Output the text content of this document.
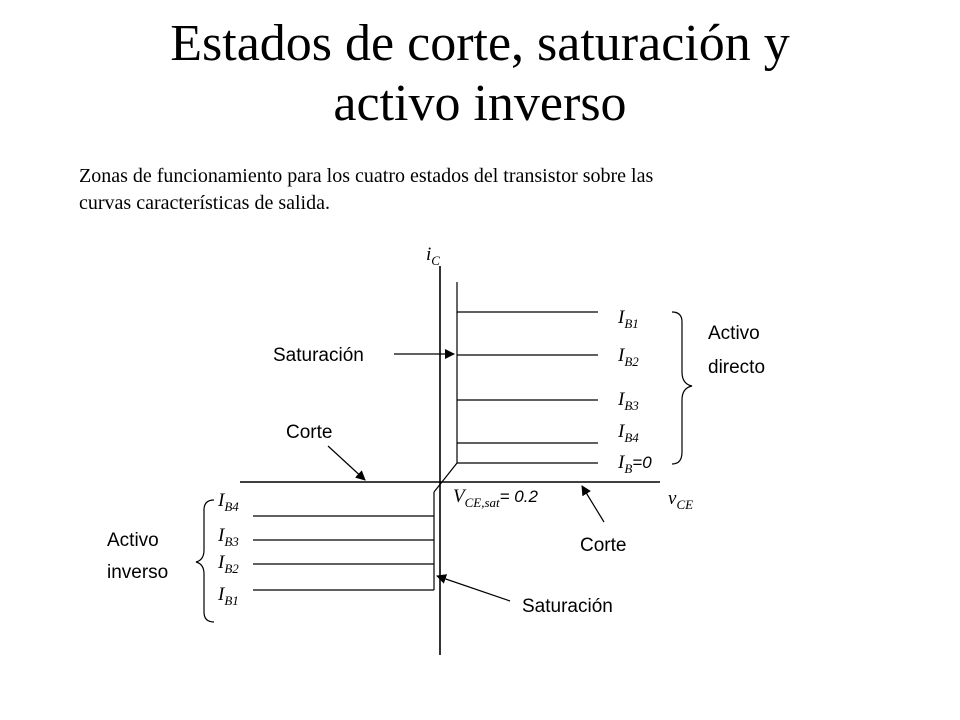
Estados de corte, saturación y
activo inverso
Zonas de funcionamiento para los cuatro estados del transistor sobre las
curvas características de salida.
$i_C$
$v_{CE}$
$I_{B1}$
$I_{B2}$
$I_{B3}$
$I_{B4}$
$I_B=0$
$I_{B4}$
$I_{B3}$
$I_{B2}$
$I_{B1}$
$V_{CE,sat}= 0.2$
Saturación
Corte
Activo
directo
Activo
inverso
Corte
Saturación
